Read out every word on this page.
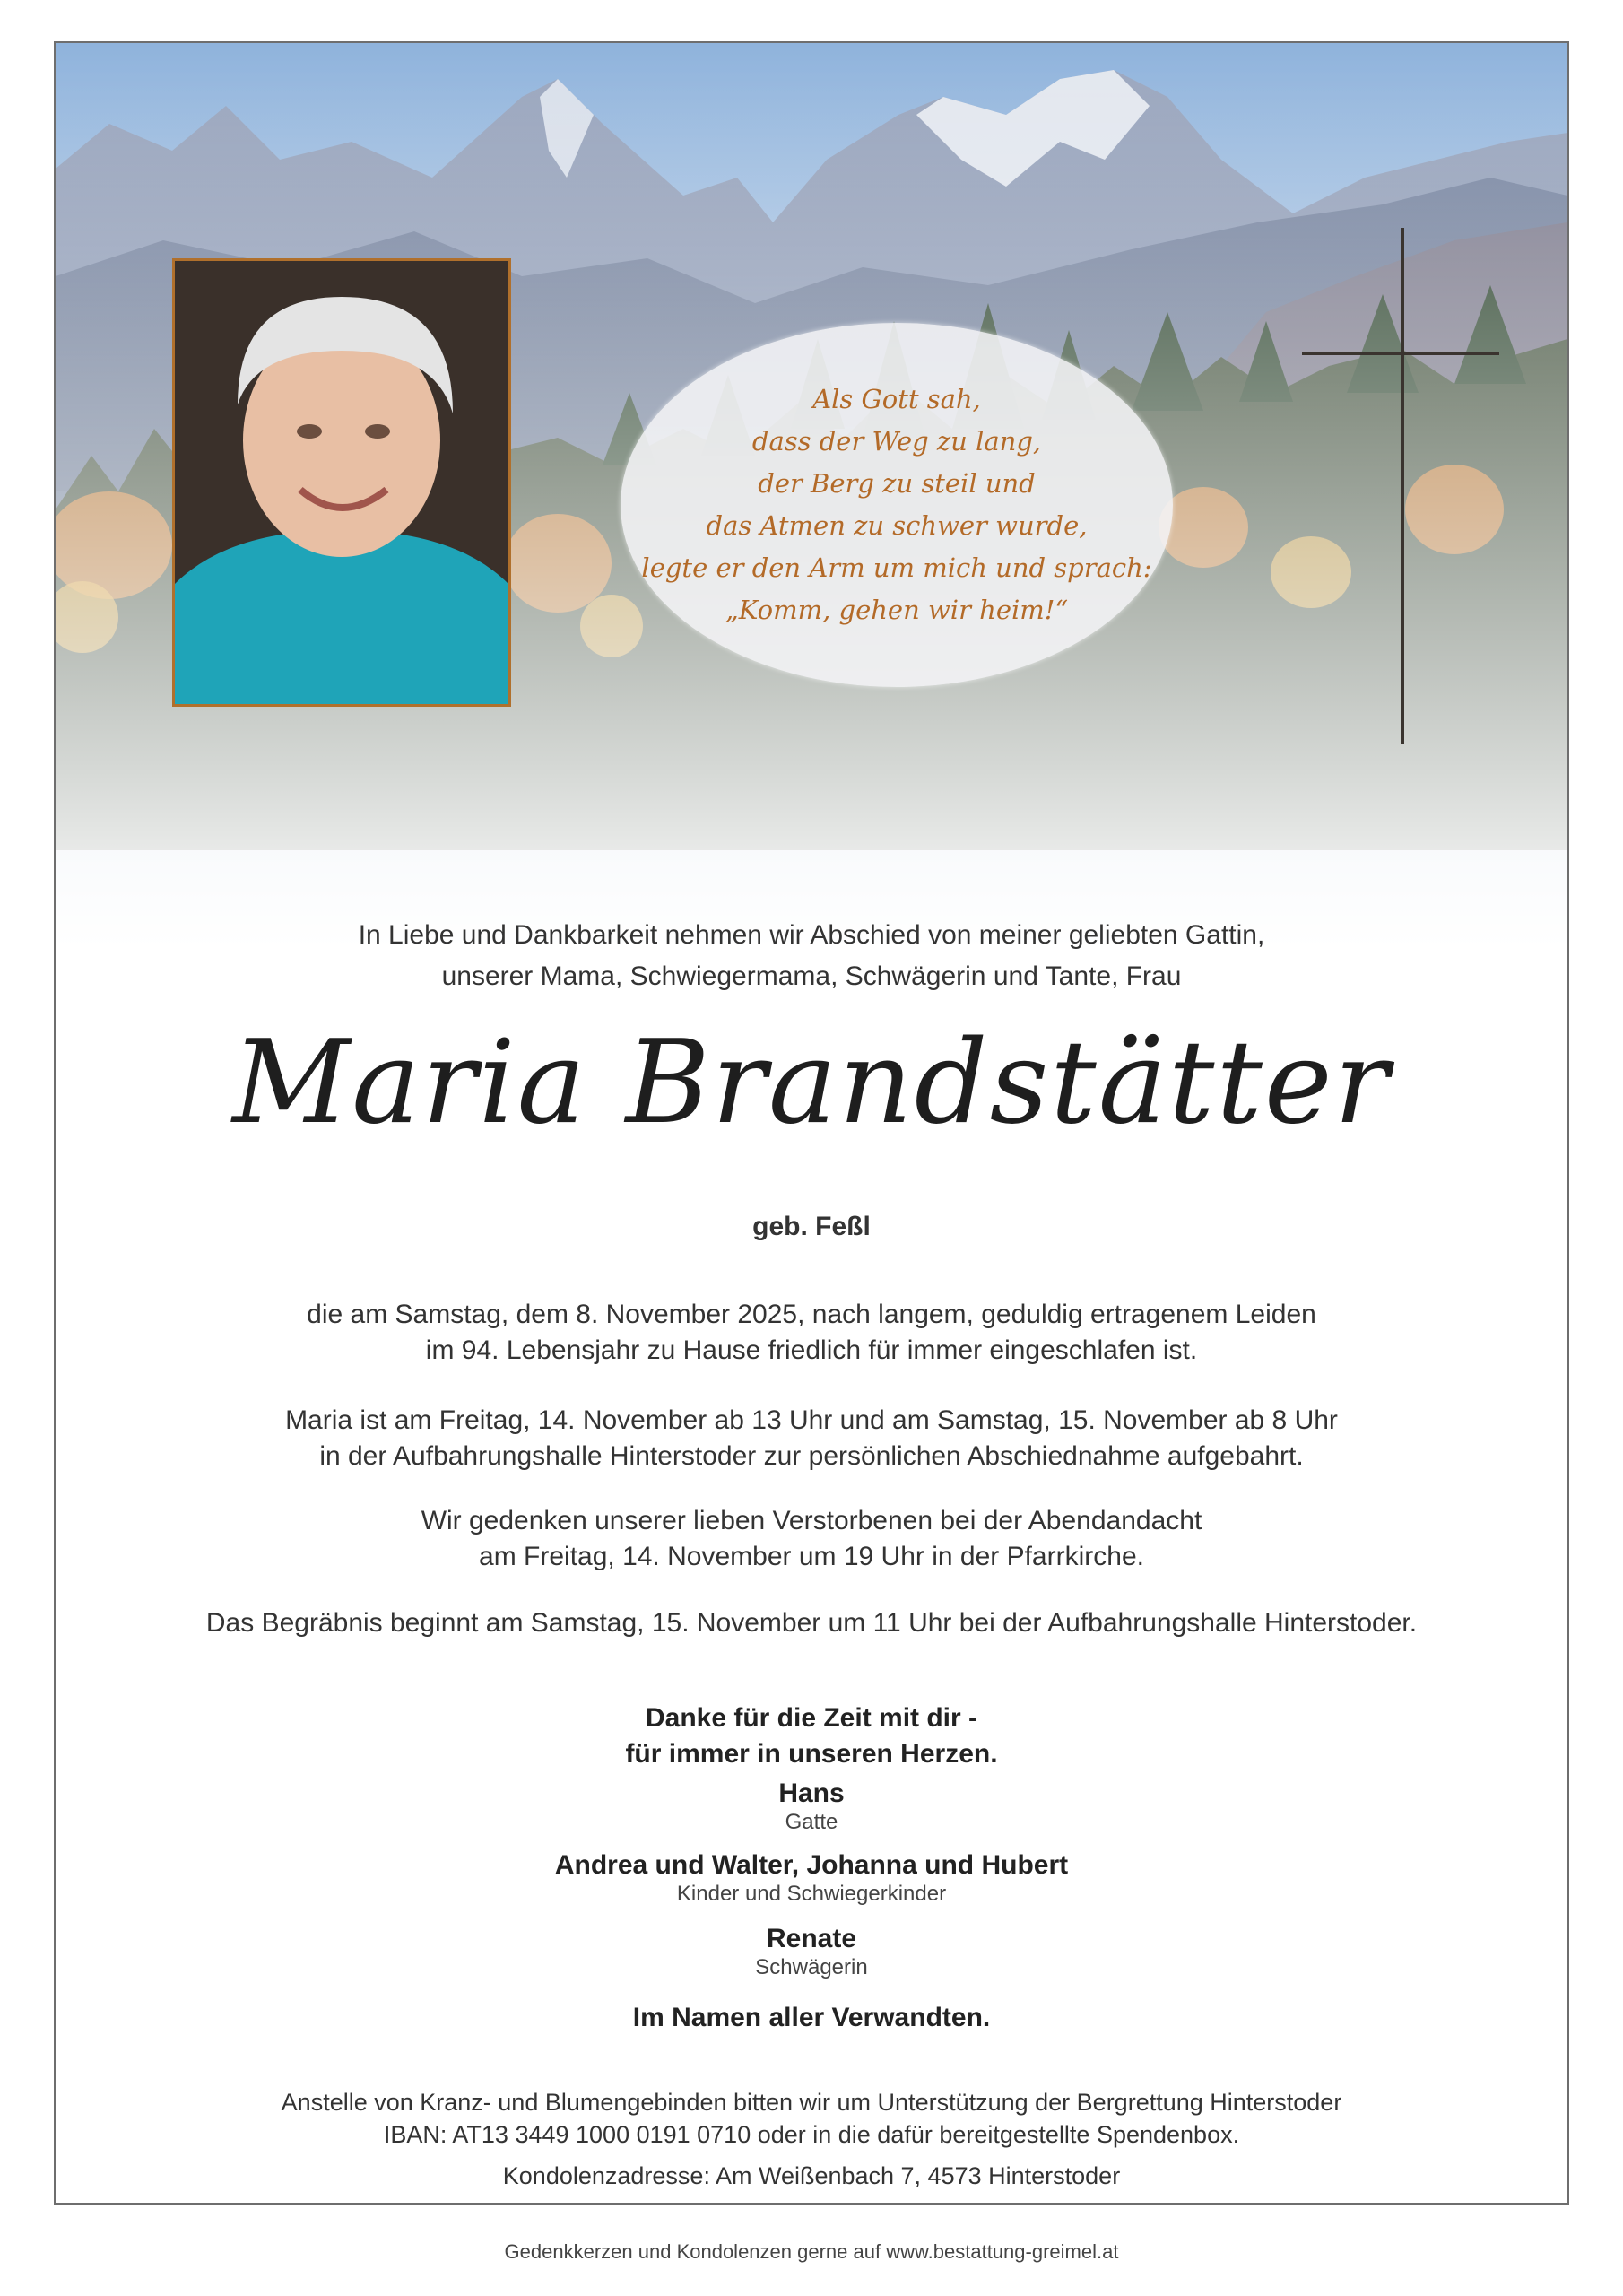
Als Gott sah,
dass der Weg zu lang,
der Berg zu steil und
das Atmen zu schwer wurde,
legte er den Arm um mich und sprach:
„Komm, gehen wir heim!“
In Liebe und Dankbarkeit nehmen wir Abschied von meiner geliebten Gattin,
unserer Mama, Schwiegermama, Schwägerin und Tante, Frau
Maria Brandstätter
geb. Feßl
die am Samstag, dem 8. November 2025, nach langem, geduldig ertragenem Leiden
im 94. Lebensjahr zu Hause friedlich für immer eingeschlafen ist.
Maria ist am Freitag, 14. November ab 13 Uhr und am Samstag, 15. November ab 8 Uhr
in der Aufbahrungshalle Hinterstoder zur persönlichen Abschiednahme aufgebahrt.
Wir gedenken unserer lieben Verstorbenen bei der Abendandacht
am Freitag, 14. November um 19 Uhr in der Pfarrkirche.
Das Begräbnis beginnt am Samstag, 15. November um 11 Uhr bei der Aufbahrungshalle Hinterstoder.
Danke für die Zeit mit dir -
für immer in unseren Herzen.
Hans
Gatte
Andrea und Walter, Johanna und Hubert
Kinder und Schwiegerkinder
Renate
Schwägerin
Im Namen aller Verwandten.
Anstelle von Kranz- und Blumengebinden bitten wir um Unterstützung der Bergrettung Hinterstoder
IBAN: AT13 3449 1000 0191 0710 oder in die dafür bereitgestellte Spendenbox.
Kondolenzadresse: Am Weißenbach 7, 4573 Hinterstoder
Gedenkkerzen und Kondolenzen gerne auf www.bestattung-greimel.at
